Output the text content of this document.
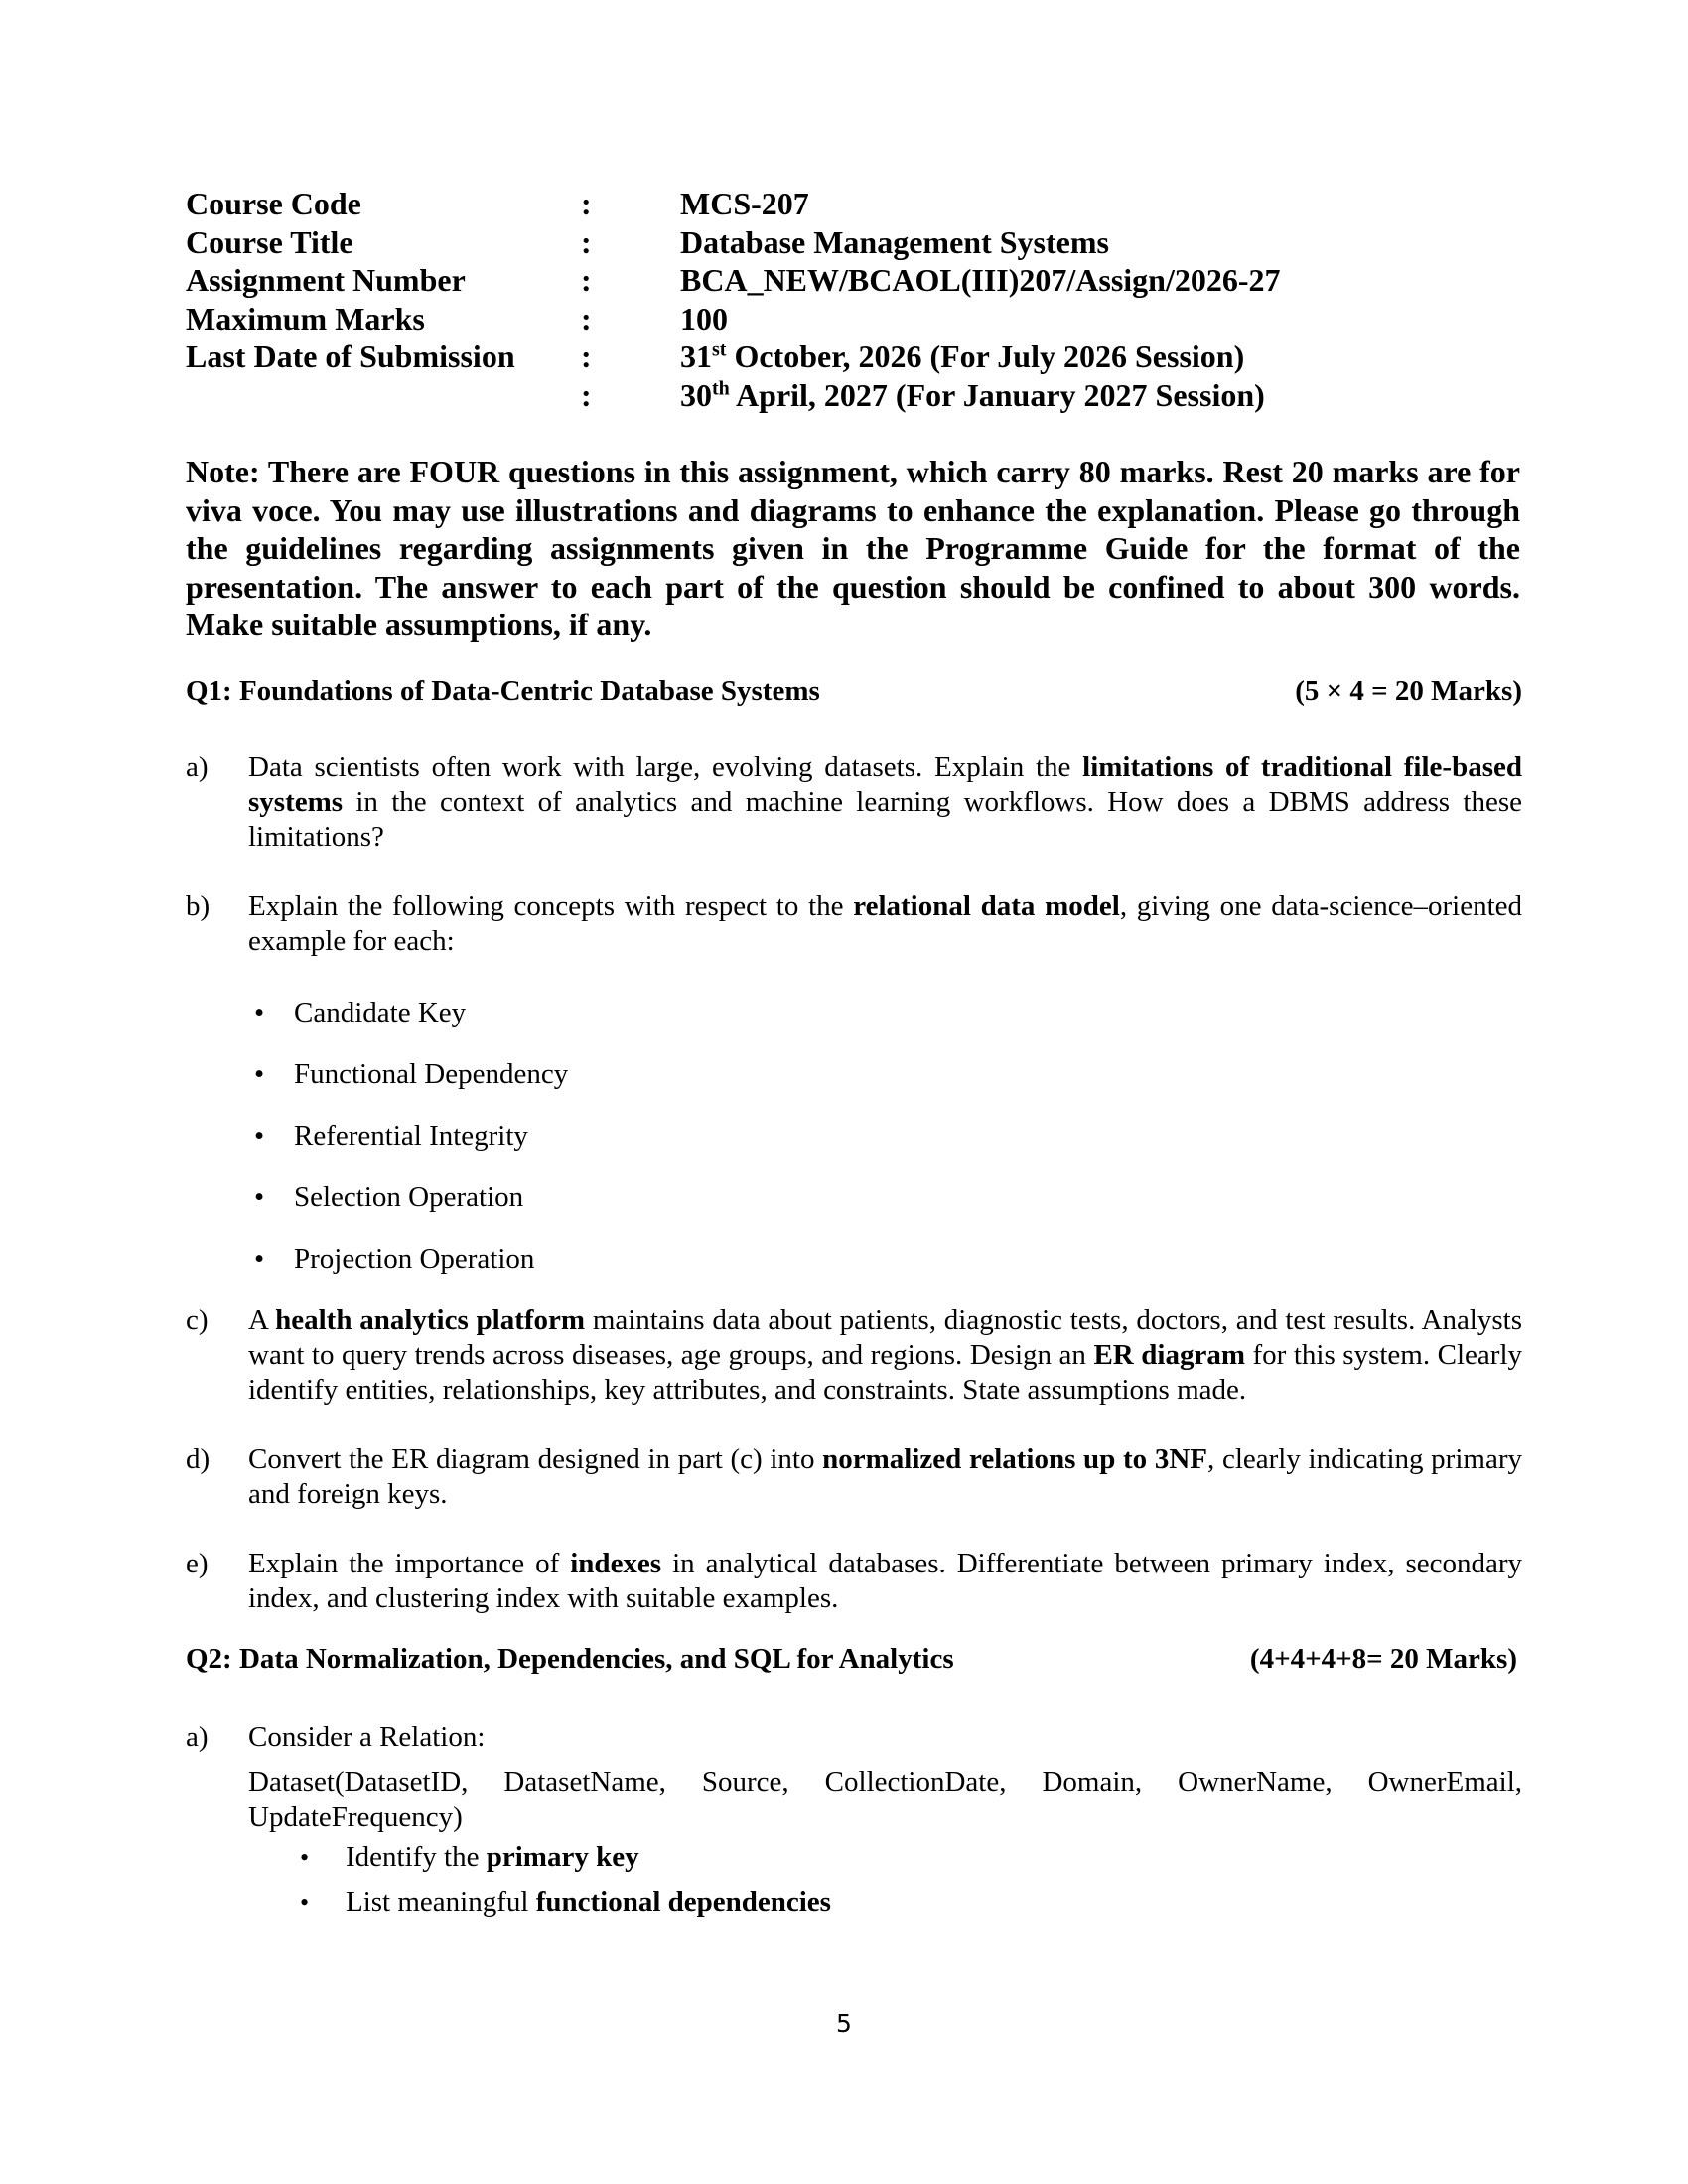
Course Code	:	MCS-207
Course Title	:	Database Management Systems
Assignment Number	:	BCA_NEW/BCAOL(III)207/Assign/2026-27
Maximum Marks	:	100
Last Date of Submission :	31st October, 2026 (For July 2026 Session)
:	30th April, 2027 (For January 2027 Session)
Note: There are FOUR questions in this assignment, which carry 80 marks. Rest 20 marks are for viva voce. You may use illustrations and diagrams to enhance the explanation. Please go through the guidelines regarding assignments given in the Programme Guide for the format of the presentation. The answer to each part of the question should be confined to about 300 words. Make suitable assumptions, if any.
Q1: Foundations of Data-Centric Database Systems	(5 × 4 = 20 Marks)
a) Data scientists often work with large, evolving datasets. Explain the limitations of traditional file-based systems in the context of analytics and machine learning workflows. How does a DBMS address these limitations?
b) Explain the following concepts with respect to the relational data model, giving one data-science–oriented example for each:
• Candidate Key
• Functional Dependency
• Referential Integrity
• Selection Operation
• Projection Operation
c) A health analytics platform maintains data about patients, diagnostic tests, doctors, and test results. Analysts want to query trends across diseases, age groups, and regions. Design an ER diagram for this system. Clearly identify entities, relationships, key attributes, and constraints. State assumptions made.
d) Convert the ER diagram designed in part (c) into normalized relations up to 3NF, clearly indicating primary and foreign keys.
e) Explain the importance of indexes in analytical databases. Differentiate between primary index, secondary index, and clustering index with suitable examples.
Q2: Data Normalization, Dependencies, and SQL for Analytics	(4+4+4+8= 20 Marks)
a) Consider a Relation:
Dataset(DatasetID, DatasetName, Source, CollectionDate, Domain, OwnerName, OwnerEmail, UpdateFrequency)
• Identify the primary key
• List meaningful functional dependencies
5
